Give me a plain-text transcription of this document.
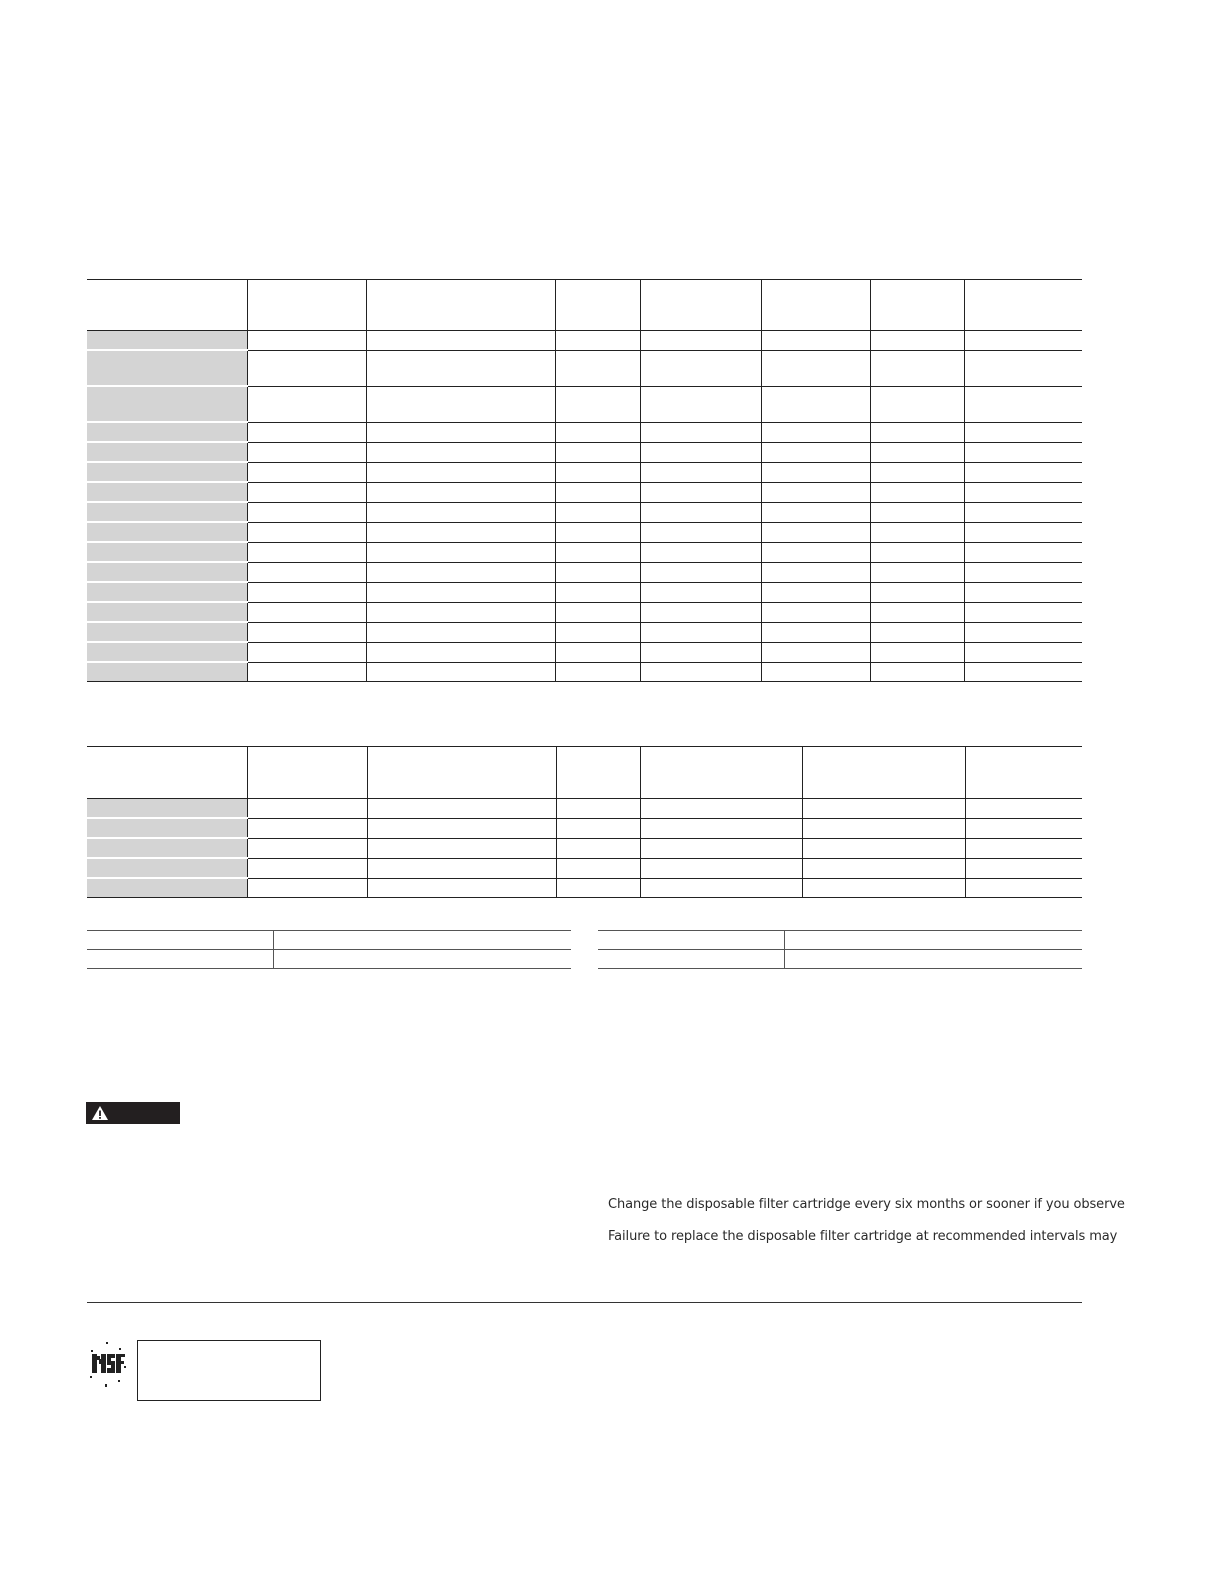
Change the disposable filter cartridge every six months or sooner if you observe
Failure to replace the disposable filter cartridge at recommended intervals may
